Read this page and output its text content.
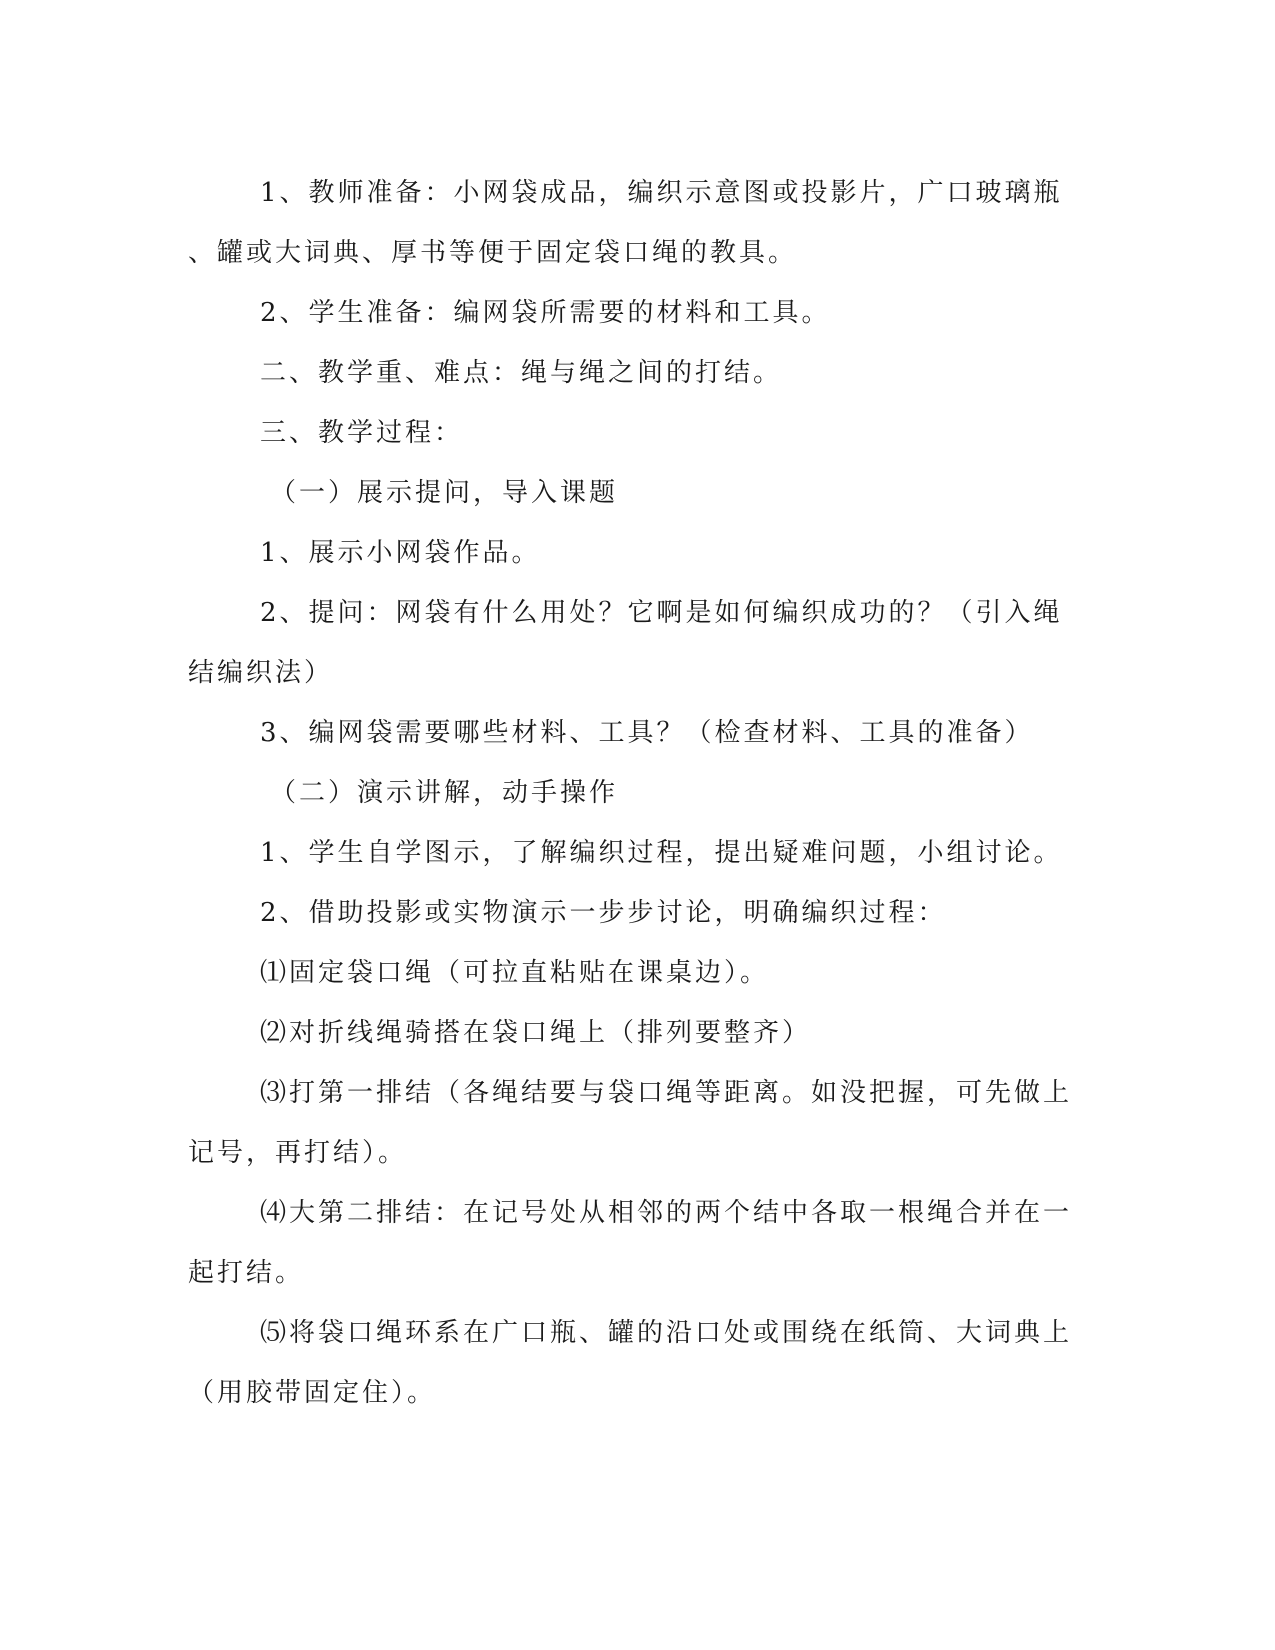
1、教师准备：小网袋成品，编织示意图或投影片，广口玻璃瓶
、罐或大词典、厚书等便于固定袋口绳的教具。
2、学生准备：编网袋所需要的材料和工具。
二、教学重、难点：绳与绳之间的打结。
三、教学过程：
（一）展示提问，导入课题
1、展示小网袋作品。
2、提问：网袋有什么用处？它啊是如何编织成功的？（引入绳
结编织法）
3、编网袋需要哪些材料、工具？（检查材料、工具的准备）
（二）演示讲解，动手操作
1、学生自学图示，了解编织过程，提出疑难问题，小组讨论。
2、借助投影或实物演示一步步讨论，明确编织过程：
⑴固定袋口绳（可拉直粘贴在课桌边）。
⑵对折线绳骑搭在袋口绳上（排列要整齐）
⑶打第一排结（各绳结要与袋口绳等距离。如没把握，可先做上
记号，再打结）。
⑷大第二排结：在记号处从相邻的两个结中各取一根绳合并在一
起打结。
⑸将袋口绳环系在广口瓶、罐的沿口处或围绕在纸筒、大词典上
（用胶带固定住）。
